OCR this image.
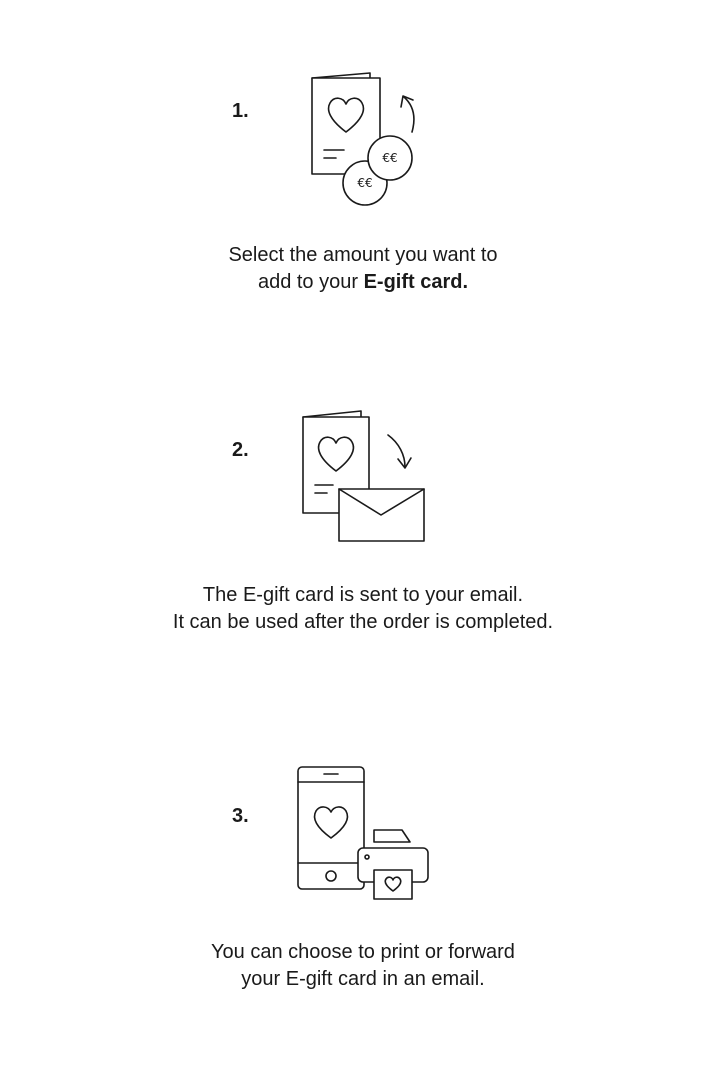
1.
€€
€€
Select the amount you want to
add to your E-gift card.
2.
The E-gift card is sent to your email.
It can be used after the order is completed.
3.
You can choose to print or forward
your E-gift card in an email.
